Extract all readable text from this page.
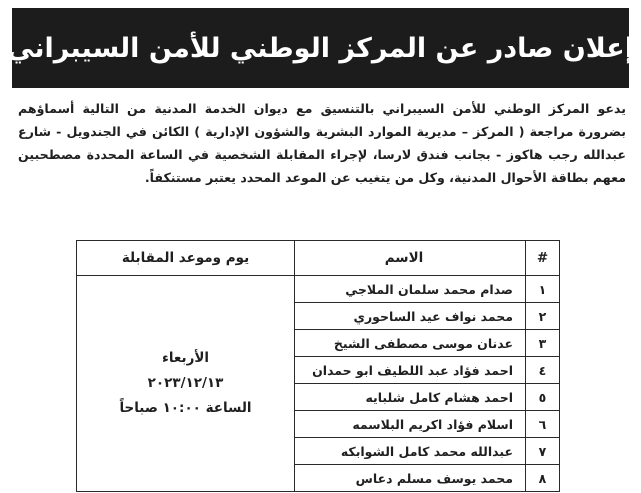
إعلان صادر عن المركز الوطني للأمن السيبراني

يدعو المركز الوطني للأمن السيبراني بالتنسيق مع ديوان الخدمة المدنية من التالية أسماؤهم بضرورة مراجعة ( المركز – مديرية الموارد البشرية والشؤون الإدارية ) الكائن في الجندويل - شارع عبدالله رجب هاكوز - بجانب فندق لارسا، لإجراء المقابلة الشخصية في الساعة المحددة مصطحبين معهم بطاقة الأحوال المدنية، وكل من يتغيب عن الموعد المحدد يعتبر مستنكفاً.

#	الاسم	يوم وموعد المقابلة
١	صدام محمد سلمان الملاجي	الأربعاء
٢٠٢٣/١٢/١٣
الساعة ١٠:٠٠ صباحاً

٢	محمد نواف عيد الساحوري	
٣	عدنان موسى مصطفى الشيخ	
٤	احمد فؤاد عبد اللطيف ابو حمدان	
٥	احمد هشام كامل شلبايه	
٦	اسلام فؤاد اكريم البلاسمه	
٧	عبدالله محمد كامل الشوابكه	
٨	محمد يوسف مسلم دعاس	
